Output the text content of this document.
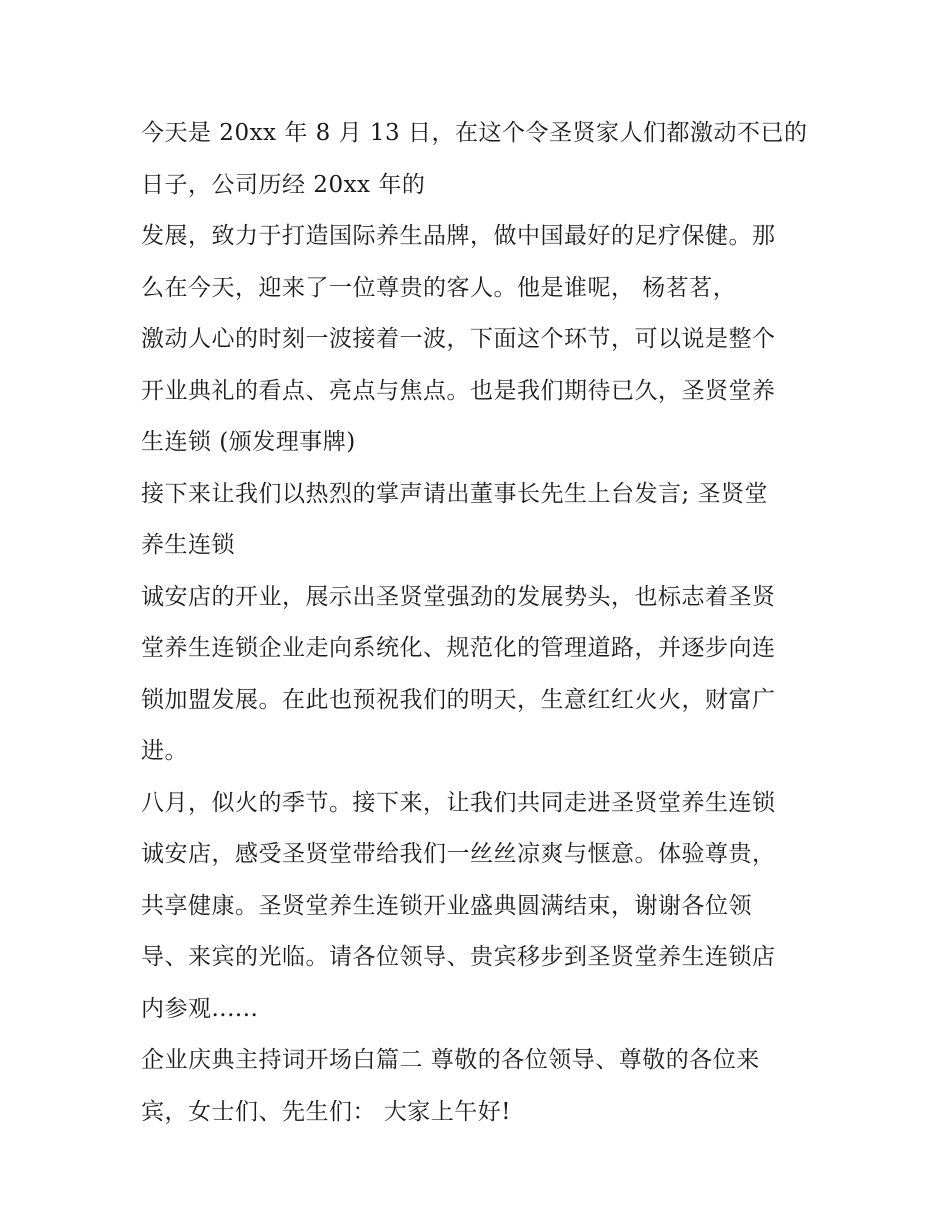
今天是 20xx 年 8 月 13 日，在这个令圣贤家人们都激动不已的
日子，公司历经 20xx 年的
发展，致力于打造国际养生品牌，做中国最好的足疗保健。那
么在今天，迎来了一位尊贵的客人。他是谁呢， 杨茗茗，
激动人心的时刻一波接着一波，下面这个环节，可以说是整个
开业典礼的看点、亮点与焦点。也是我们期待已久，圣贤堂养
生连锁 (颁发理事牌)
接下来让我们以热烈的掌声请出董事长先生上台发言; 圣贤堂
养生连锁
诚安店的开业，展示出圣贤堂强劲的发展势头，也标志着圣贤
堂养生连锁企业走向系统化、规范化的管理道路，并逐步向连
锁加盟发展。在此也预祝我们的明天，生意红红火火，财富广
进。
八月，似火的季节。接下来，让我们共同走进圣贤堂养生连锁
诚安店，感受圣贤堂带给我们一丝丝凉爽与惬意。体验尊贵，
共享健康。圣贤堂养生连锁开业盛典圆满结束，谢谢各位领
导、来宾的光临。请各位领导、贵宾移步到圣贤堂养生连锁店
内参观......
企业庆典主持词开场白篇二 尊敬的各位领导、尊敬的各位来
宾，女士们、先生们： 大家上午好!
